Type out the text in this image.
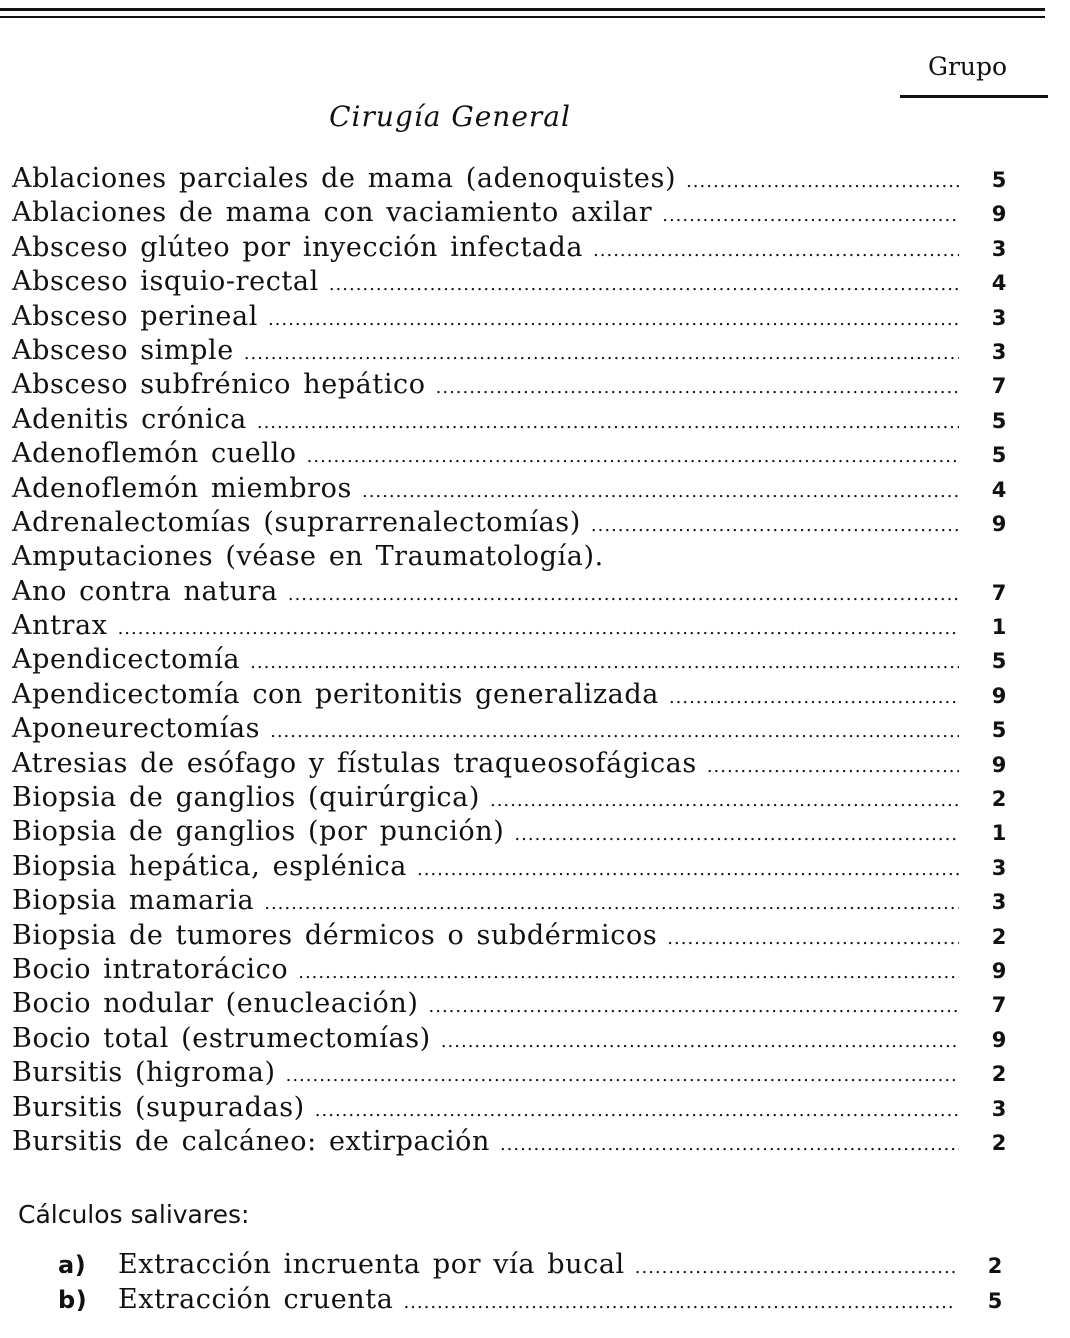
Grupo
Cirugía General
Ablaciones parciales de mama (adenoquistes) .....	5
Ablaciones de mama con vaciamiento axilar .....	9
Absceso glúteo por inyección infectada .....	3
Absceso isquio-rectal .....	4
Absceso perineal .....	3
Absceso simple .....	3
Absceso subfrénico hepático .....	7
Adenitis crónica .....	5
Adenoflemón cuello .....	5
Adenoflemón miembros .....	4
Adrenalectomías (suprarrenalectomías) .....	9
Amputaciones (véase en Traumatología).
Ano contra natura .....	7
Antrax .....	1
Apendicectomía .....	5
Apendicectomía con peritonitis generalizada .....	9
Aponeurectomías .....	5
Atresias de esófago y fístulas traqueosofágicas .....	9
Biopsia de ganglios (quirúrgica) .....	2
Biopsia de ganglios (por punción) .....	1
Biopsia hepática, esplénica .....	3
Biopsia mamaria .....	3
Biopsia de tumores dérmicos o subdérmicos .....	2
Bocio intratorácico .....	9
Bocio nodular (enucleación) .....	7
Bocio total (estrumectomías) .....	9
Bursitis (higroma) .....	2
Bursitis (supuradas) .....	3
Bursitis de calcáneo: extirpación .....	2
Cálculos salivares:
a)	Extracción incruenta por vía bucal .....	2
b)	Extracción cruenta .....	5
